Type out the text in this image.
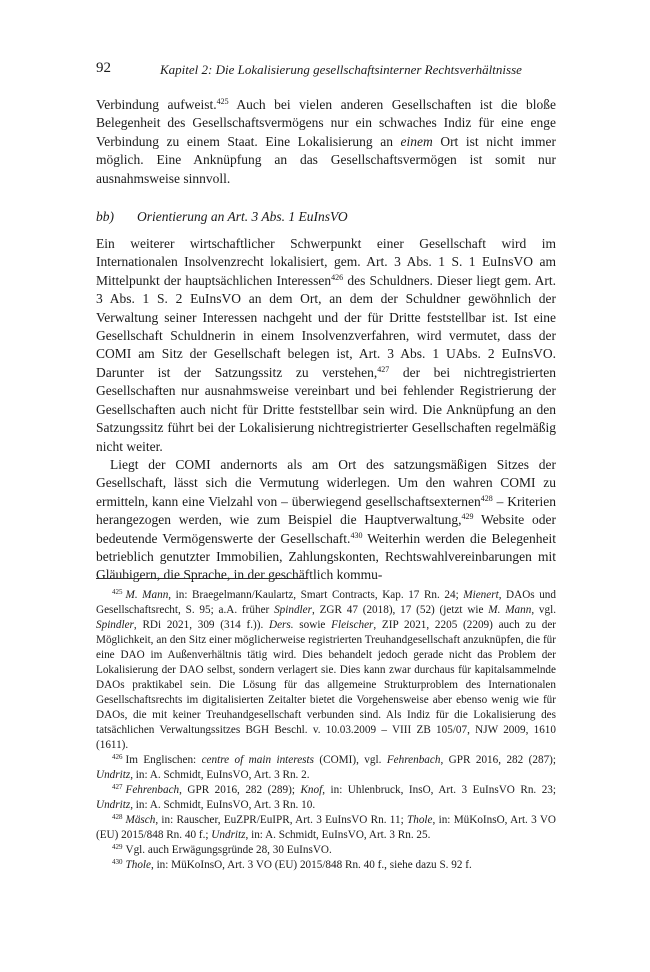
92	Kapitel 2: Die Lokalisierung gesellschaftsinterner Rechtsverhältnisse

Verbindung aufweist.$^{425}$ Auch bei vielen anderen Gesellschaften ist die bloße Belegenheit des Gesellschaftsvermögens nur ein schwaches Indiz für eine enge Verbindung zu einem Staat. Eine Lokalisierung an einem Ort ist nicht immer möglich. Eine Anknüpfung an das Gesellschaftsvermögen ist somit nur ausnahmsweise sinnvoll.

bb) Orientierung an Art. 3 Abs. 1 EuInsVO

Ein weiterer wirtschaftlicher Schwerpunkt einer Gesellschaft wird im Internationalen Insolvenzrecht lokalisiert, gem. Art. 3 Abs. 1 S. 1 EuInsVO am Mittelpunkt der hauptsächlichen Interessen$^{426}$ des Schuldners. Dieser liegt gem. Art. 3 Abs. 1 S. 2 EuInsVO an dem Ort, an dem der Schuldner gewöhnlich der Verwaltung seiner Interessen nachgeht und der für Dritte feststellbar ist. Ist eine Gesellschaft Schuldnerin in einem Insolvenzverfahren, wird vermutet, dass der COMI am Sitz der Gesellschaft belegen ist, Art. 3 Abs. 1 UAbs. 2 EuInsVO. Darunter ist der Satzungssitz zu verstehen,$^{427}$ der bei nichtregistrierten Gesellschaften nur ausnahmsweise vereinbart und bei fehlender Registrierung der Gesellschaften auch nicht für Dritte feststellbar sein wird. Die Anknüpfung an den Satzungssitz führt bei der Lokalisierung nichtregistrierter Gesellschaften regelmäßig nicht weiter.

Liegt der COMI andernorts als am Ort des satzungsmäßigen Sitzes der Gesellschaft, lässt sich die Vermutung widerlegen. Um den wahren COMI zu ermitteln, kann eine Vielzahl von – überwiegend gesellschaftsexternen$^{428}$ – Kriterien herangezogen werden, wie zum Beispiel die Hauptverwaltung,$^{429}$ Website oder bedeutende Vermögenswerte der Gesellschaft.$^{430}$ Weiterhin werden die Belegenheit betrieblich genutzter Immobilien, Zahlungskonten, Rechtswahlvereinbarungen mit Gläubigern, die Sprache, in der geschäftlich kommu-

$^{425}$ M. Mann, in: Braegelmann/Kaulartz, Smart Contracts, Kap. 17 Rn. 24; Mienert, DAOs und Gesellschaftsrecht, S. 95; a.A. früher Spindler, ZGR 47 (2018), 17 (52) (jetzt wie M. Mann, vgl. Spindler, RDi 2021, 309 (314 f.)). Ders. sowie Fleischer, ZIP 2021, 2205 (2209) auch zu der Möglichkeit, an den Sitz einer möglicherweise registrierten Treuhandgesellschaft anzuknüpfen, die für eine DAO im Außenverhältnis tätig wird. Dies behandelt jedoch gerade nicht das Problem der Lokalisierung der DAO selbst, sondern verlagert sie. Dies kann zwar durchaus für kapitalsammelnde DAOs praktikabel sein. Die Lösung für das allgemeine Strukturproblem des Internationalen Gesellschaftsrechts im digitalisierten Zeitalter bietet die Vorgehensweise aber ebenso wenig wie für DAOs, die mit keiner Treuhandgesellschaft verbunden sind. Als Indiz für die Lokalisierung des tatsächlichen Verwaltungssitzes BGH Beschl. v. 10.03.2009 – VIII ZB 105/07, NJW 2009, 1610 (1611).

$^{426}$ Im Englischen: centre of main interests (COMI), vgl. Fehrenbach, GPR 2016, 282 (287); Undritz, in: A. Schmidt, EuInsVO, Art. 3 Rn. 2.

$^{427}$ Fehrenbach, GPR 2016, 282 (289); Knof, in: Uhlenbruck, InsO, Art. 3 EuInsVO Rn. 23; Undritz, in: A. Schmidt, EuInsVO, Art. 3 Rn. 10.

$^{428}$ Mäsch, in: Rauscher, EuZPR/EuIPR, Art. 3 EuInsVO Rn. 11; Thole, in: MüKoInsO, Art. 3 VO (EU) 2015/848 Rn. 40 f.; Undritz, in: A. Schmidt, EuInsVO, Art. 3 Rn. 25.

$^{429}$ Vgl. auch Erwägungsgründe 28, 30 EuInsVO.

$^{430}$ Thole, in: MüKoInsO, Art. 3 VO (EU) 2015/848 Rn. 40 f., siehe dazu S. 92 f.
